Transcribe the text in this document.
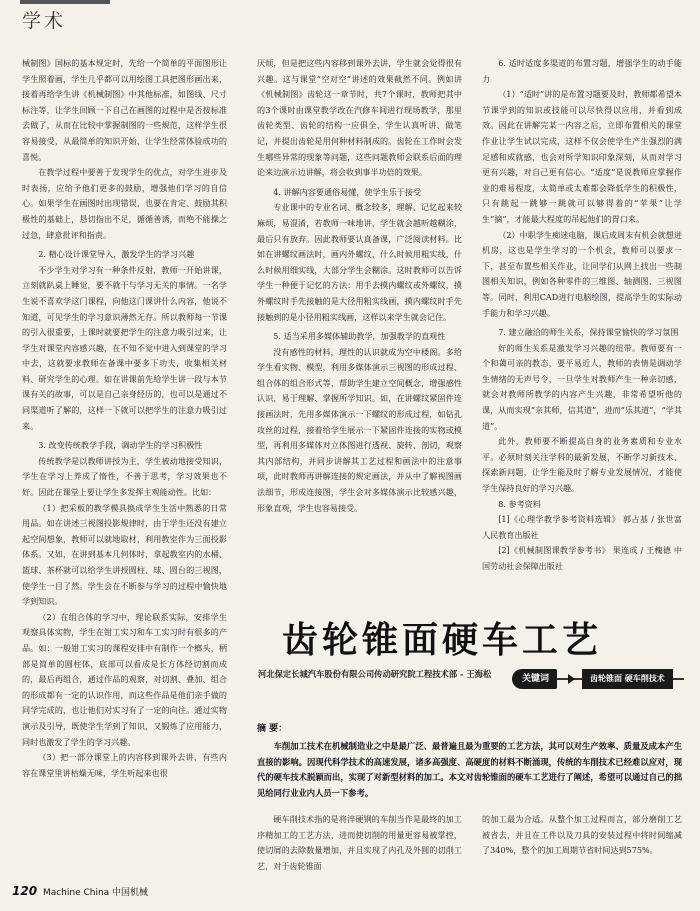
学术

械制图》国标的基本规定时，先给一个简单的平面图形让学生照着画，学生几乎都可以用绘图工具把图形画出来，接着再给学生讲《机械制图》中其他标准，如图线、尺寸标注等，让学生回顾一下自己在画图的过程中是否按标准去做了，从而在比较中掌握制图的一些规范，这样学生很容易接受，从最简单的知识开始，让学生经常体验成功的喜悦。

在教学过程中要善于发现学生的优点，对学生进步及时表扬，应给予他们更多的鼓励，增强他们学习的自信心。如果学生在画图时出现错误，也要在肯定、鼓励其积极性的基础上，恳切指出不足，循循善诱，而绝不能操之过急，肆意批评和指责。

2. 精心设计课堂导入，激发学生的学习兴趣

不少学生对学习有一种条件反射，教师一开始讲课，立刻就趴桌上睡觉，要不就干与学习无关的事情。一名学生说不喜欢学这门课程，向他这门课讲什么内容，他说不知道，可见学生的学习意识薄然无存。所以教师每一节课的引入很重要，上课时就要把学生的注意力吸引过来，让学生对课堂内容感兴趣，在不知不觉中进入到课堂的学习中去，这就要求教师在备课中要多下功夫，收集相关材料、研究学生的心理。如在讲课前先给学生讲一段与本节课有关的故事，可以是自己亲身经历的，也可以是通过不同渠道听了解的，这样一下就可以把学生的注意力吸引过来。

3. 改变传统教学手段，调动学生的学习积极性

传统教学是以教师讲授为主，学生被动地接受知识，学生在学习上养成了惰性，不善于思考，学习效果也不好。因此在课堂上要让学生多发挥主观能动性。比如：

（1）把采板的教学模具换成学生生活中熟悉的日常用品。如在讲述三视图投影规律时，由于学生还没有建立起空间想象，教师可以就地取材，利用教室作为三面投影体系。又如，在讲到基本几何体时，拿起教室内的水桶、篮球、茶杯就可以给学生讲授圆柱、球、圆台的三视图，使学生一目了然。学生会在不断参与学习的过程中愉快地学到知识。

（2）在组合体的学习中，理论联系实际，安排学生观察具体实物，学生在钳工实习和车工实习时有很多的产品。如：一般钳工实习的课程安排中有制作一个榔头，柄部是简单的圆柱体，底部可以看成是长方体经切割而成的，最后再组合，通过作品的观察，对切割、叠加、组合的形成都有一定的认识作用，而这些作品是他们亲手做的同学完成的，也让他们对实习有了一定的向往。通过实物演示及引导，既使学生学到了知识，又锻炼了应用能力，同时也激发了学生的学习兴趣。

（3）把一部分课堂上的内容移到课外去讲，有些内容在课堂里讲枯燥无味，学生听起来也很

厌烦，但是把这些内容移到课外去讲，学生就会觉得很有兴趣。这与课堂“空对空”讲述的效果截然不同。例如讲《机械制图》齿轮这一章节时，共7个课时，教师把其中的3个课时由课堂教学改在汽修车间进行现场教学，那里齿轮类型、齿轮的结构一应俱全，学生认真听讲、做笔记，并提出齿轮是用何种材料制成的。齿轮在工作时会发生哪些异常的现象等问题，这些问题教师会联系后面的理论来边演示边讲解，将会收到事半功倍的效果。

4. 讲解内容要通俗易懂，使学生乐于接受

专业课中的专业名词、概念较多，理解、记忆起来较麻烦，易混淆，若教师一味地讲，学生就会越听越糊涂，最后只有放弃。因此教师要认真备课，广泛阅读材料。比如在讲螺纹画法时，画内外螺纹，什么时候用粗实线，什么时候用细实线，大部分学生会糊涂。这时教师可以告诉学生一种便于记忆的方法：用手去摸内螺纹或外螺纹，摸外螺纹时手先接触的是大径用粗实线画，摸内螺纹时手先接触到的是小径用粗实线画，这样以来学生就会记住。

5. 适当采用多媒体辅助教学，加强教学的直观性

没有感性的材料，理性的认识就成为空中楼阁。多给学生看实物、模型，利用多媒体演示三视图的形成过程、组合体的组合形式等，帮助学生建立空间概念，增强感性认识，易于理解、掌握所学知识。如，在讲螺纹紧固件连接画法时，先用多媒体演示一下螺纹的形成过程，如钻孔攻丝的过程，接着给学生展示一下紧固件连接的实物或模型，再利用多媒体对立体图进行透视、旋转、剖切，观察其内部结构，并同步讲解其工艺过程和画法中的注意事项，此时教师再讲解连接的规定画法，并从中了解视图画法细节，形成连接图，学生会对多媒体演示比较感兴趣，形象直观，学生也容易接受。

6. 适时适度多渠道的布置习题，增强学生的动手能力

（1）“适时”讲的是布置习题要及时，教师都希望本节课学到的知识或技能可以尽快得以应用，并看到成效。因此在讲解完某一内容之后，立即布置相关的课堂作业让学生试以完成，这样不仅会使学生产生强烈的满足感和成就感，也会对所学知识印象深刻，从而对学习更有兴趣，对自己更有信心。“适度”是说教师应掌握作业的难易程度，太简单或太难都会降低学生的积极性，只有跳起一跳够一跳就可以够得着的“苹果”让学生“摘”，才能最大程度的吊起他们的胃口来。

（2）中职学生痴迷电脑，课后成周末有机会就想进机房，这也是学生学习的一个机会，教师可以要求一下，甚至布置些相关作业，让同学们从网上找出一些制图相关知识，例如各种零件的三维图、轴测图、三视图等。同时，利用CAD进行电脑绘图，提高学生的实际动手能力和学习兴趣。

7. 建立融洽的师生关系，保持课堂愉快的学习氛围

好的师生关系是激发学习兴趣的纽带。教师要有一个和蔼可亲的教态，要平易近人，教师的表情是调动学生情绪的无声号令，一旦学生对教师产生一种亲切感，就会对教师所教学的内容产生兴趣，非常希望听他的课，从而实现“亲其师，信其道”，进而“乐其道”，“学其道”。

此外，教师要不断提高自身的业务素质和专业水平。必须时刻关注学科的最新发展，不断学习新技术、探索新问题，让学生能及时了解专业发展情况，才能使学生保持良好的学习兴趣。

8. 参考资料

[1]《心理学教学参考资料选辑》 郭占基 / 张世富 人民教育出版社

[2]《机械制图课教学参考书》 果连成 / 王槐德 中国劳动社会保障出版社

齿轮锥面硬车工艺
河北保定长城汽车股份有限公司传动研究院工程技术部 - 王海松	关键词	齿轮锥面 硬车削技术
摘 要：
车削加工技术在机械制造业之中是最广泛、最普遍且最为重要的工艺方法，其可以对生产效率、质量及成本产生直接的影响。因现代科学技术的高速发展，诸多高强度、高硬度的材料不断涌现，传统的车削技术已经难以应对，现代的硬车技术脱颖而出，实现了对新型材料的加工。本文对齿轮锥面的硬车工艺进行了阐述，希望可以通过自己的拙见给同行业业内人员一下参考。

硬车削技术指的是将淬硬钢的车削当作是最终的加工序精加工的工艺方法，进而使切削的用量更容易被掌控，使切屑的去除数量增加，并且实现了内孔及外圆的切削工艺，对于齿轮锥面

的加工最为合适。从整个加工过程而言，部分磨削工艺被省去，并且在工件以及刀具的安装过程中将时间缩减了340%，整个的加工周期节省时间达到575%。

120 Machine China 中国机械
